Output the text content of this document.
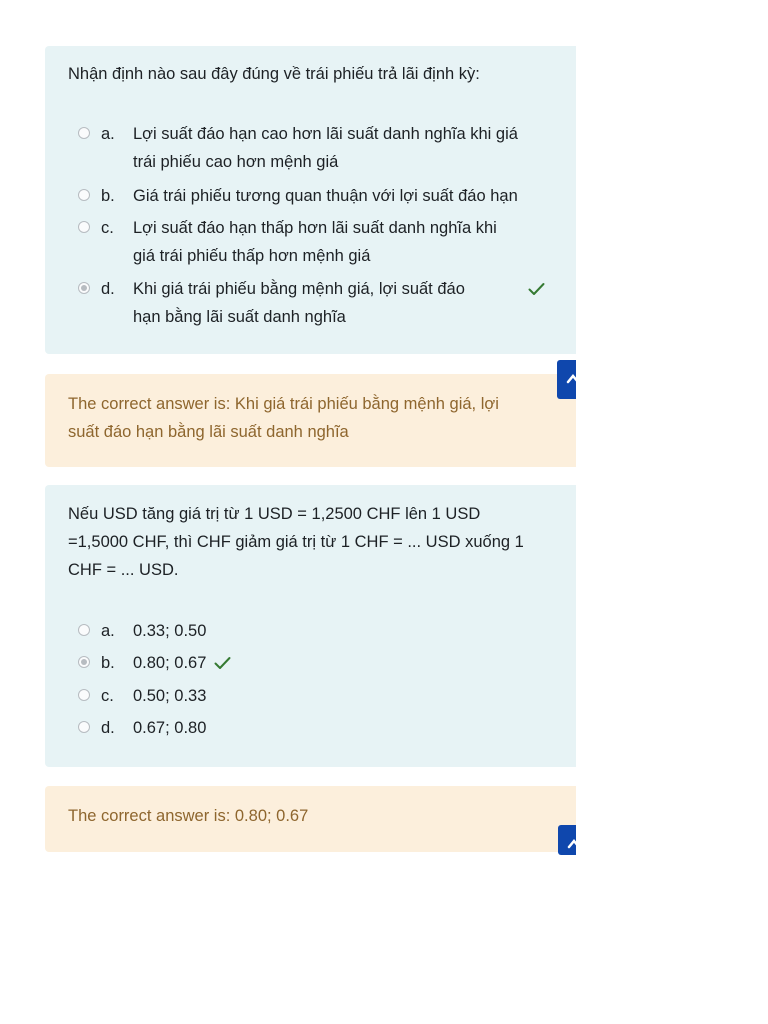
Nhận định nào sau đây đúng về trái phiếu trả lãi định kỳ:

a. Lợi suất đáo hạn cao hơn lãi suất danh nghĩa khi giá
trái phiếu cao hơn mệnh giá
b. Giá trái phiếu tương quan thuận với lợi suất đáo hạn
c. Lợi suất đáo hạn thấp hơn lãi suất danh nghĩa khi
giá trái phiếu thấp hơn mệnh giá
d. Khi giá trái phiếu bằng mệnh giá, lợi suất đáo
hạn bằng lãi suất danh nghĩa

The correct answer is: Khi giá trái phiếu bằng mệnh giá, lợi
suất đáo hạn bằng lãi suất danh nghĩa

Nếu USD tăng giá trị từ 1 USD = 1,2500 CHF lên 1 USD
=1,5000 CHF, thì CHF giảm giá trị từ 1 CHF = ... USD xuống 1
CHF = ... USD.

a. 0.33; 0.50
b. 0.80; 0.67
c. 0.50; 0.33
d. 0.67; 0.80

The correct answer is: 0.80; 0.67
